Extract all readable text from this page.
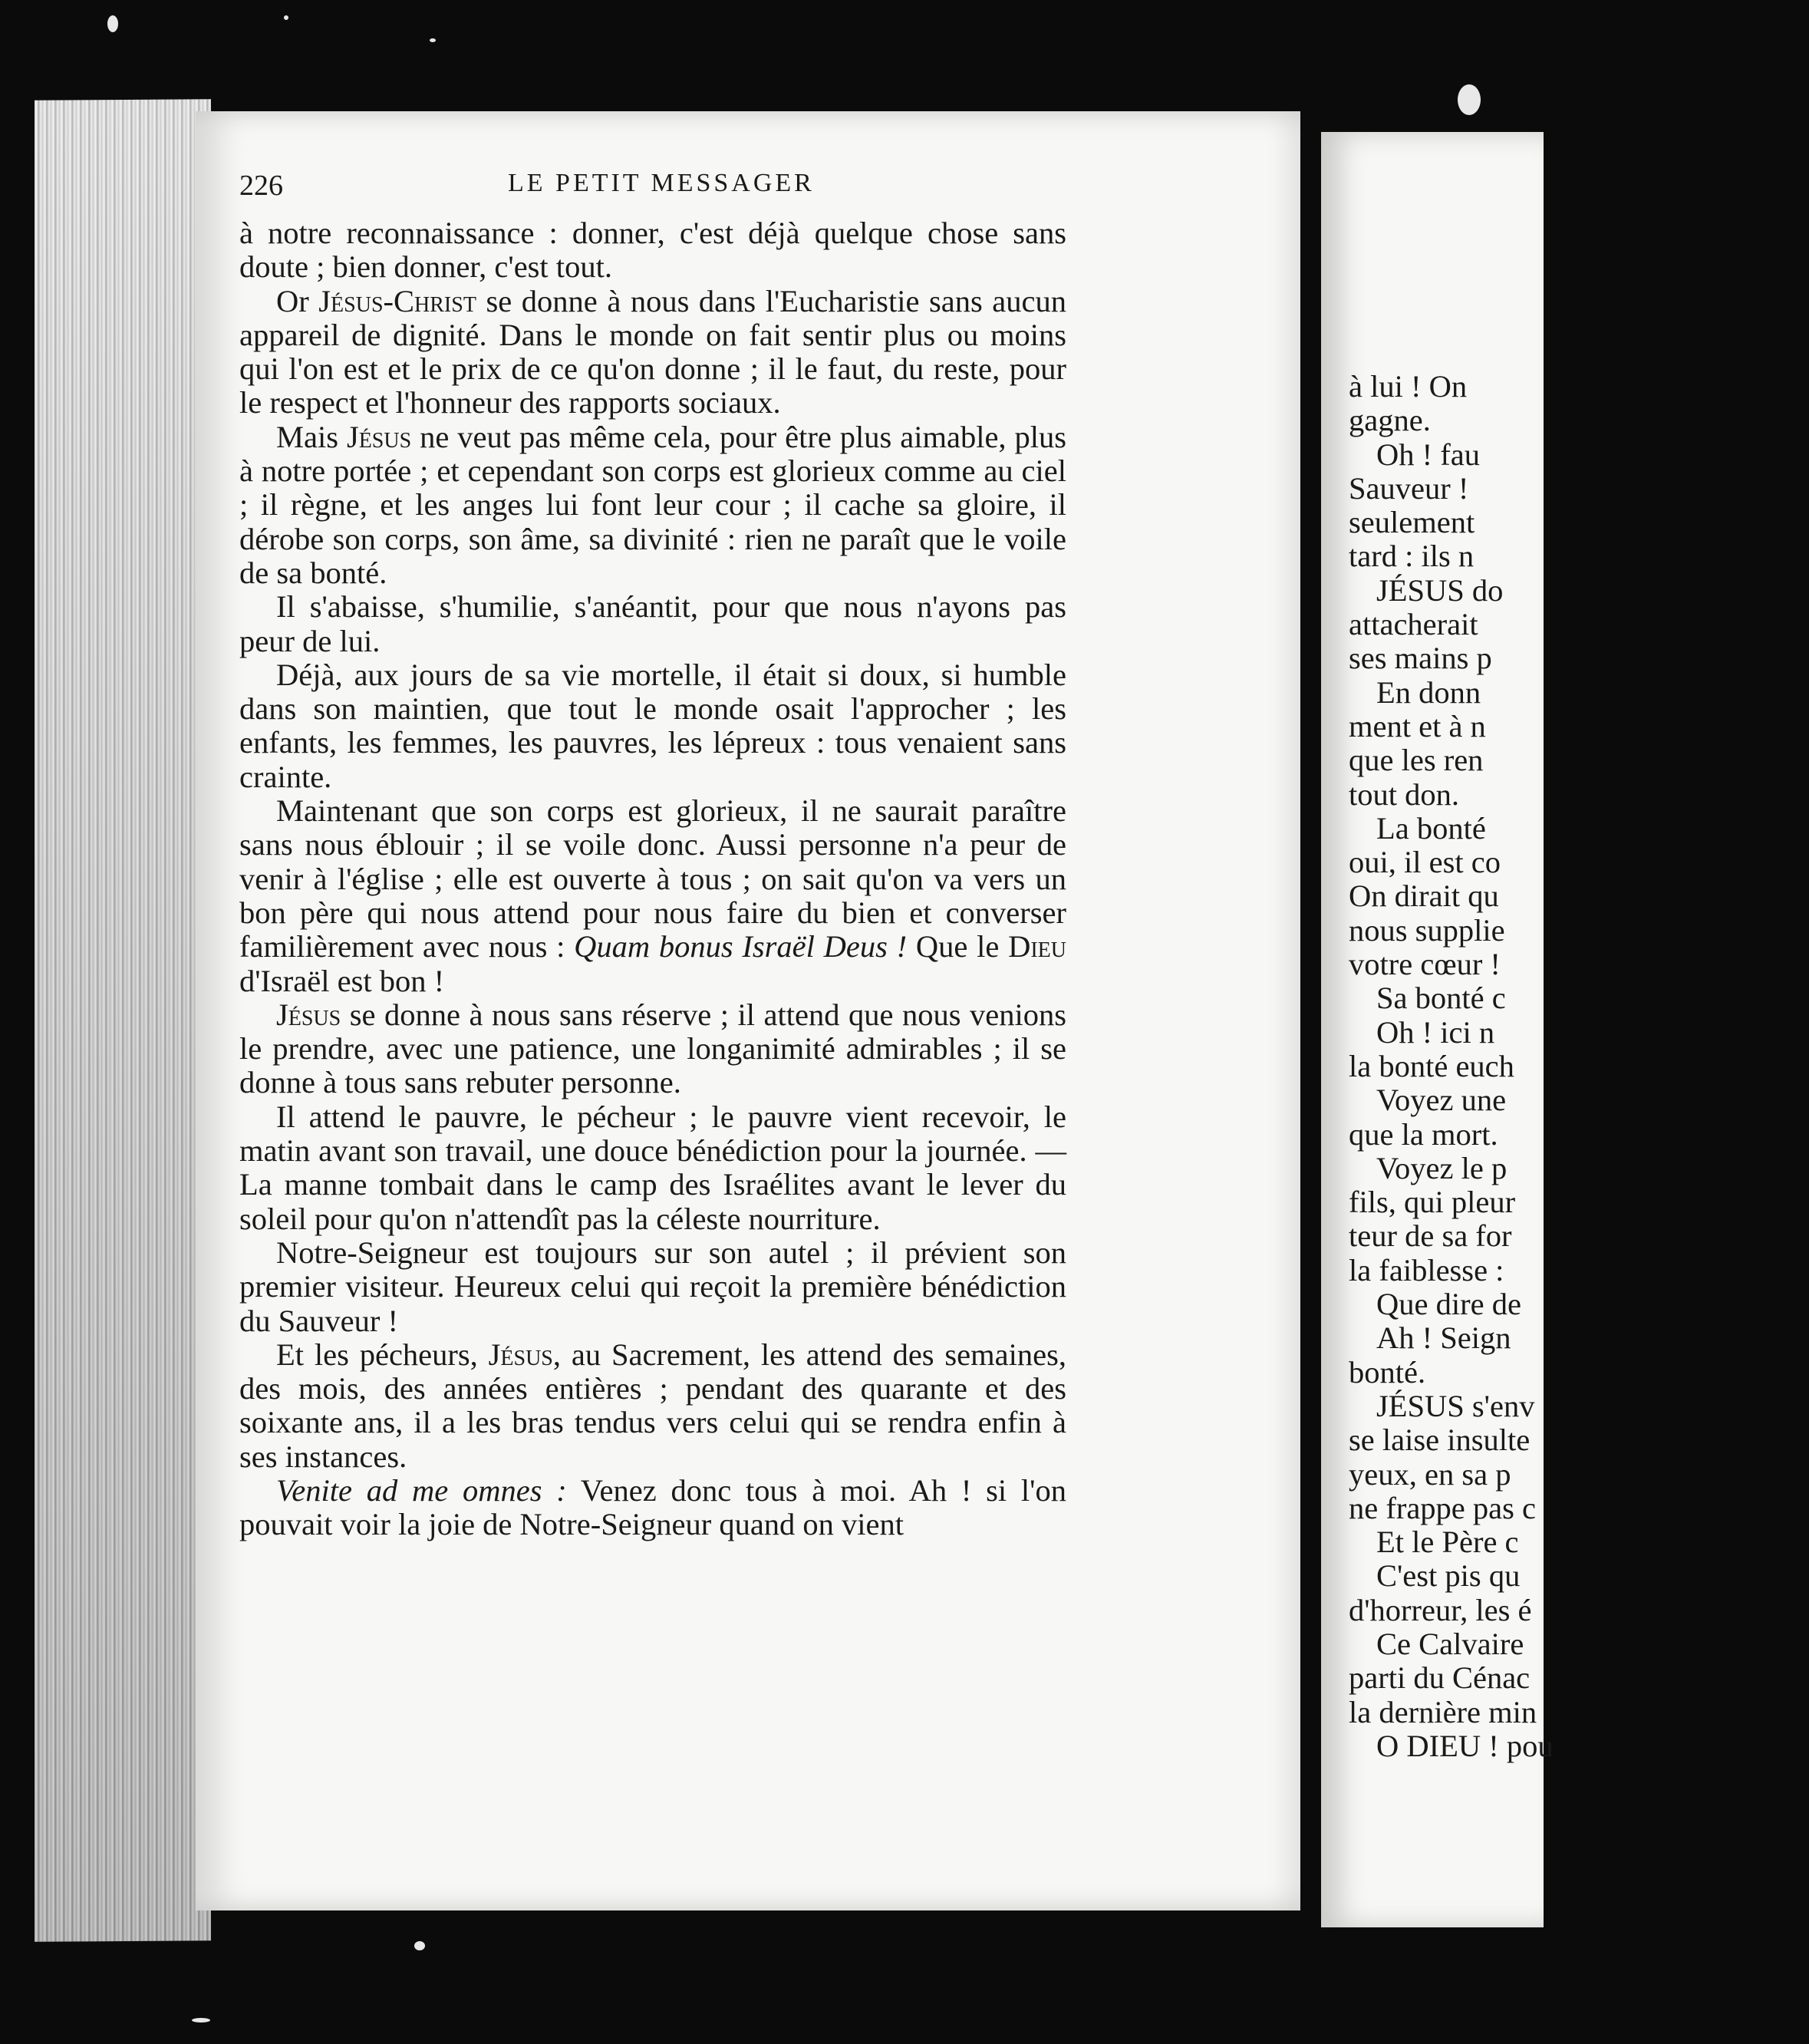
226	LE PETIT MESSAGER

à notre reconnaissance : donner, c'est déjà quelque chose sans doute ; bien donner, c'est tout.

Or Jésus-Christ se donne à nous dans l'Eucharistie sans aucun appareil de dignité. Dans le monde on fait sentir plus ou moins qui l'on est et le prix de ce qu'on donne ; il le faut, du reste, pour le respect et l'honneur des rapports sociaux.

Mais Jésus ne veut pas même cela, pour être plus aimable, plus à notre portée ; et cependant son corps est glorieux comme au ciel ; il règne, et les anges lui font leur cour ; il cache sa gloire, il dérobe son corps, son âme, sa divinité : rien ne paraît que le voile de sa bonté.

Il s'abaisse, s'humilie, s'anéantit, pour que nous n'ayons pas peur de lui.

Déjà, aux jours de sa vie mortelle, il était si doux, si humble dans son maintien, que tout le monde osait l'approcher ; les enfants, les femmes, les pauvres, les lépreux : tous venaient sans crainte.

Maintenant que son corps est glorieux, il ne saurait paraître sans nous éblouir ; il se voile donc. Aussi personne n'a peur de venir à l'église ; elle est ouverte à tous ; on sait qu'on va vers un bon père qui nous attend pour nous faire du bien et converser familièrement avec nous : Quam bonus Israël Deus ! Que le Dieu d'Israël est bon !

Jésus se donne à nous sans réserve ; il attend que nous venions le prendre, avec une patience, une longanimité admirables ; il se donne à tous sans rebuter personne.

Il attend le pauvre, le pécheur ; le pauvre vient recevoir, le matin avant son travail, une douce bénédiction pour la journée. — La manne tombait dans le camp des Israélites avant le lever du soleil pour qu'on n'attendît pas la céleste nourriture.

Notre-Seigneur est toujours sur son autel ; il prévient son premier visiteur. Heureux celui qui reçoit la première bénédiction du Sauveur !

Et les pécheurs, Jésus, au Sacrement, les attend des semaines, des mois, des années entières ; pendant des quarante et des soixante ans, il a les bras tendus vers celui qui se rendra enfin à ses instances.

Venite ad me omnes : Venez donc tous à moi. Ah ! si l'on pouvait voir la joie de Notre-Seigneur quand on vient

à lui ! On
gagne.
Oh ! fau
Sauveur !
seulement
tard : ils n
JÉSUS do
attacherait
ses mains p
En donn
ment et à n
que les ren
tout don.
La bonté
oui, il est co
On dirait qu
nous supplie
votre cœur !
Sa bonté c
Oh ! ici n
la bonté euch
Voyez une
que la mort.
Voyez le p
fils, qui pleur
teur de sa for
la faiblesse :
Que dire de
Ah ! Seign
bonté.
JÉSUS s'env
se laise insulte
yeux, en sa p
ne frappe pas c
Et le Père c
C'est pis qu
d'horreur, les é
Ce Calvaire
parti du Cénac
la dernière min
O DIEU ! pou
